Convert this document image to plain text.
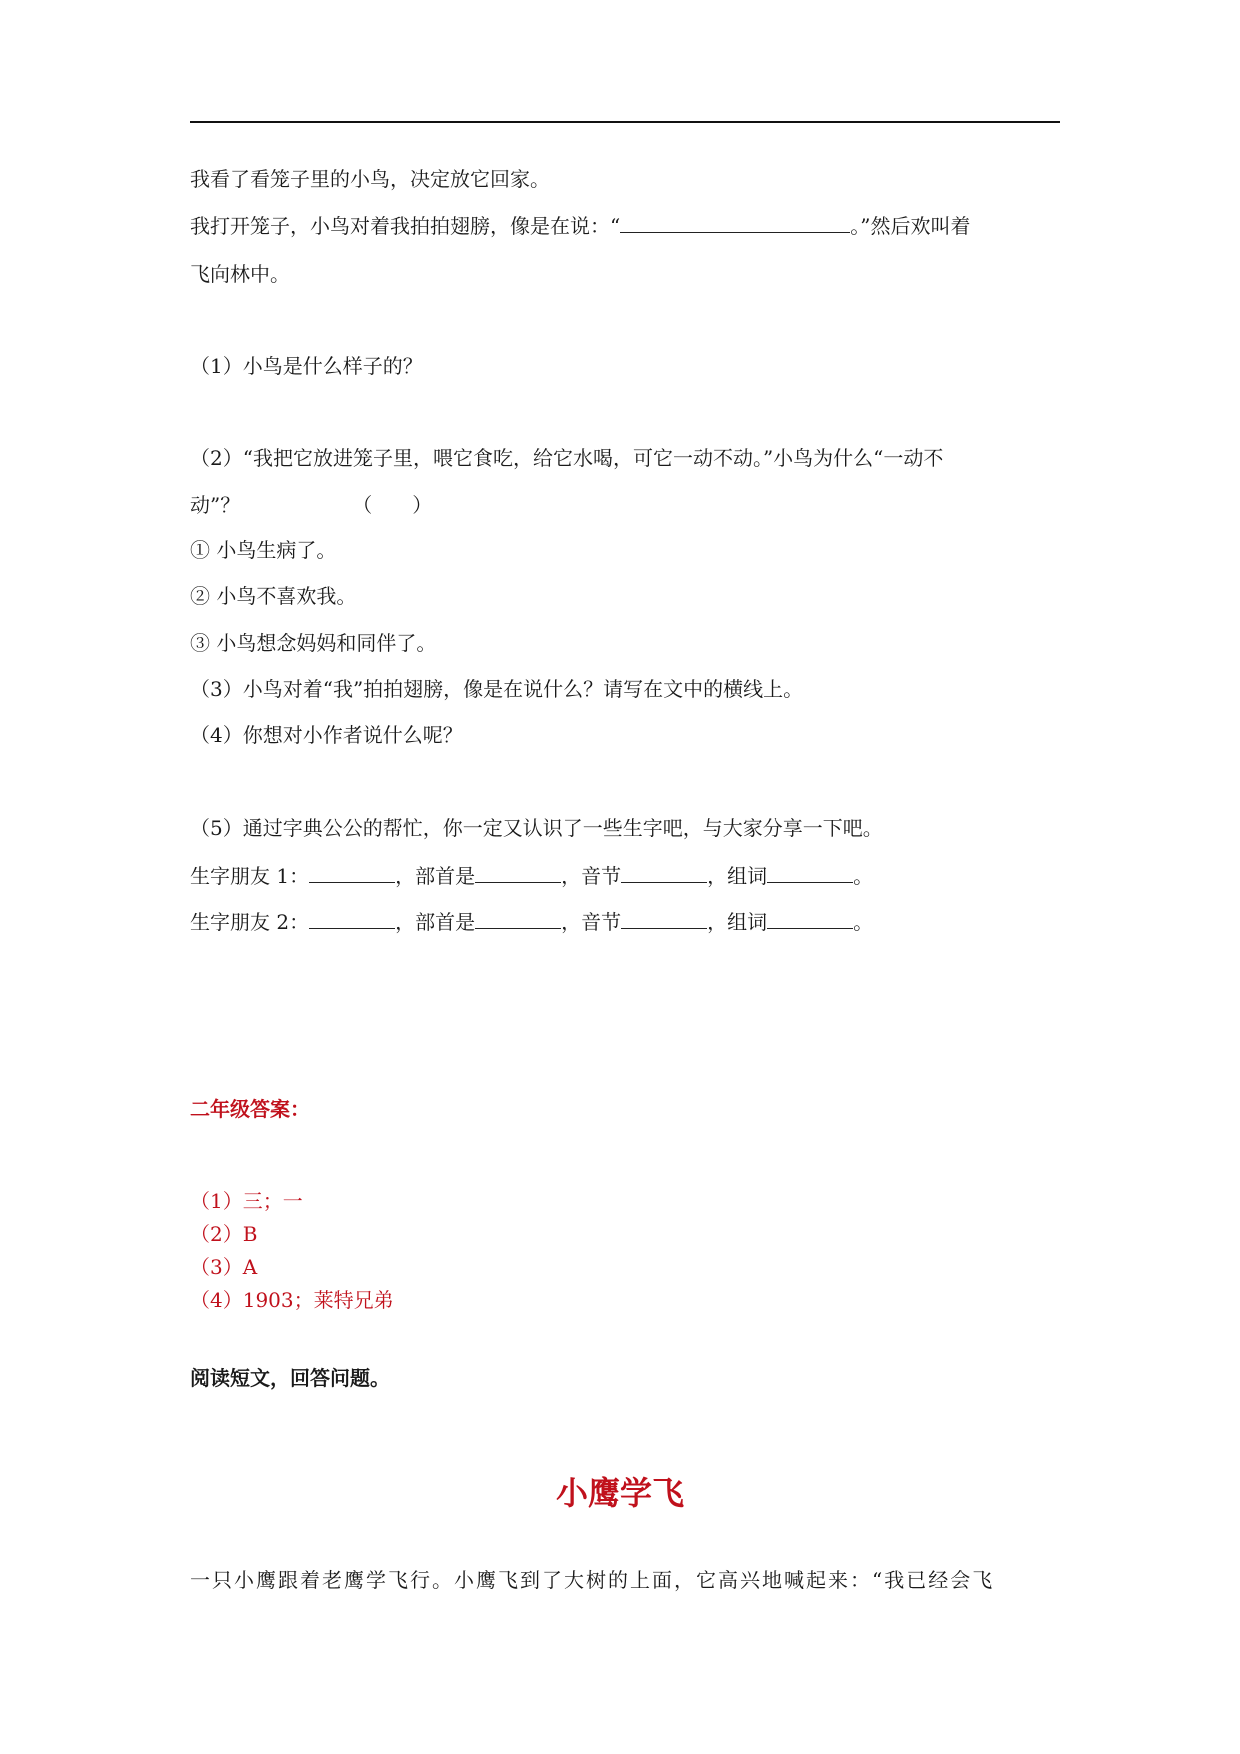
我看了看笼子里的小鸟，决定放它回家。
我打开笼子，小鸟对着我拍拍翅膀，像是在说：“	。”然后欢叫着
飞向林中。
（1）小鸟是什么样子的？
（2）“我把它放进笼子里，喂它食吃，给它水喝，可它一动不动。”小鸟为什么“一动不
动”？	（　　）
① 小鸟生病了。
② 小鸟不喜欢我。
③ 小鸟想念妈妈和同伴了。
（3）小鸟对着“我”拍拍翅膀，像是在说什么？请写在文中的横线上。
（4）你想对小作者说什么呢？
（5）通过字典公公的帮忙，你一定又认识了一些生字吧，与大家分享一下吧。
生字朋友 1：	，部首是	，音节	，组词	。
生字朋友 2：	，部首是	，音节	，组词	。
二年级答案：
（1）三；一
（2）B
（3）A
（4）1903；莱特兄弟
阅读短文，回答问题。
小鹰学飞
一只小鹰跟着老鹰学飞行。小鹰飞到了大树的上面，它高兴地喊起来：“我已经会飞
